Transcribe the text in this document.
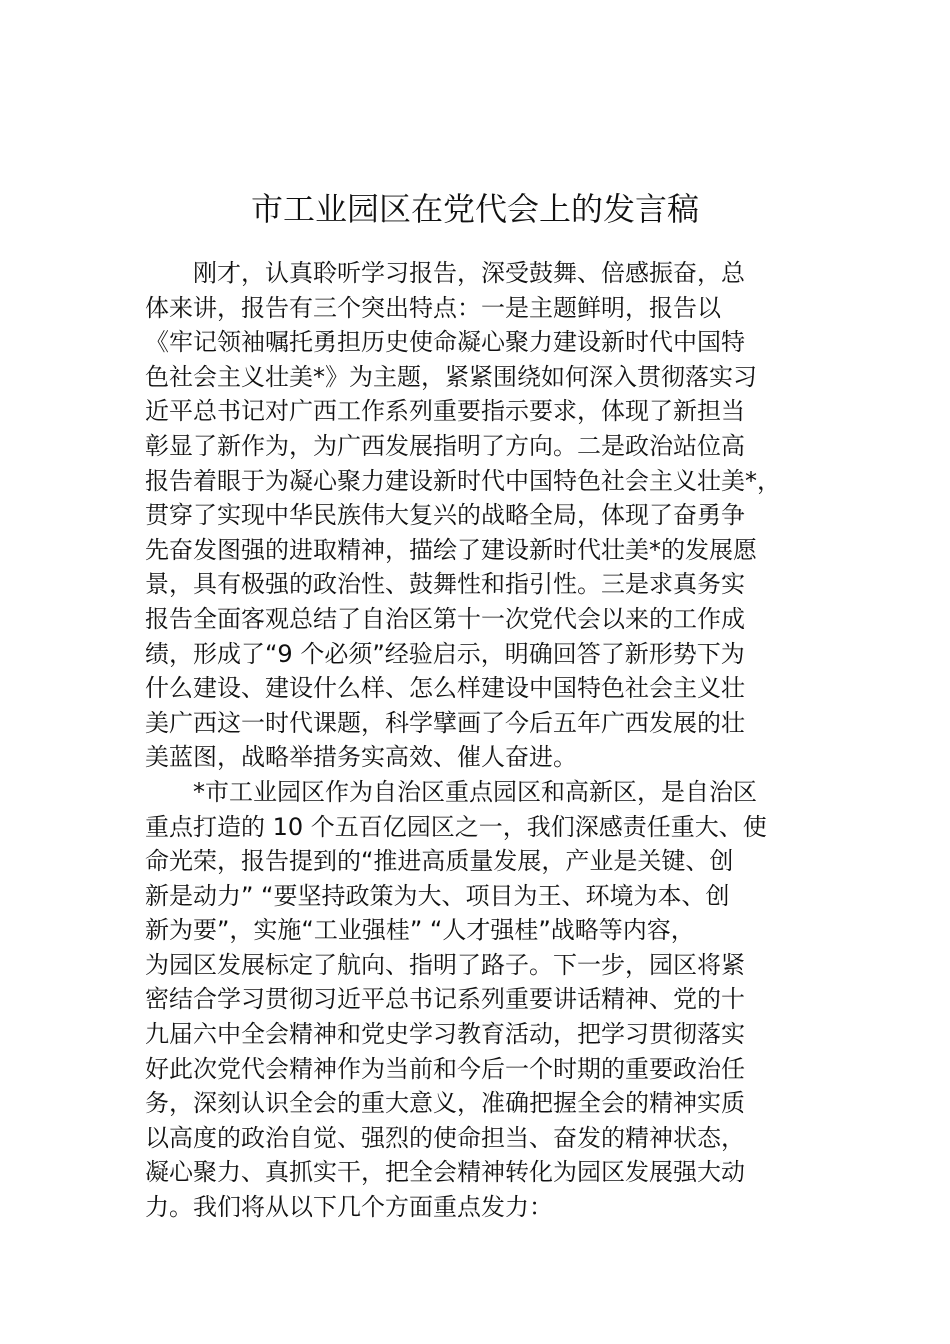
市工业园区在党代会上的发言稿
刚才，认真聆听学习报告，深受鼓舞、倍感振奋，总
体来讲，报告有三个突出特点：一是主题鲜明，报告以
《牢记领袖嘱托勇担历史使命凝心聚力建设新时代中国特
色社会主义壮美*》为主题，紧紧围绕如何深入贯彻落实习
近平总书记对广西工作系列重要指示要求，体现了新担当
彰显了新作为，为广西发展指明了方向。二是政治站位高
报告着眼于为凝心聚力建设新时代中国特色社会主义壮美*，
贯穿了实现中华民族伟大复兴的战略全局，体现了奋勇争
先奋发图强的进取精神，描绘了建设新时代壮美*的发展愿
景，具有极强的政治性、鼓舞性和指引性。三是求真务实
报告全面客观总结了自治区第十一次党代会以来的工作成
绩，形成了“9 个必须”经验启示，明确回答了新形势下为
什么建设、建设什么样、怎么样建设中国特色社会主义壮
美广西这一时代课题，科学擘画了今后五年广西发展的壮
美蓝图，战略举措务实高效、催人奋进。
*市工业园区作为自治区重点园区和高新区，是自治区
重点打造的 10 个五百亿园区之一，我们深感责任重大、使
命光荣，报告提到的“推进高质量发展，产业是关键、创
新是动力” “要坚持政策为大、项目为王、环境为本、创
新为要”，实施“工业强桂” “人才强桂”战略等内容，
为园区发展标定了航向、指明了路子。下一步，园区将紧
密结合学习贯彻习近平总书记系列重要讲话精神、党的十
九届六中全会精神和党史学习教育活动，把学习贯彻落实
好此次党代会精神作为当前和今后一个时期的重要政治任
务，深刻认识全会的重大意义，准确把握全会的精神实质
以高度的政治自觉、强烈的使命担当、奋发的精神状态，
凝心聚力、真抓实干，把全会精神转化为园区发展强大动
力。我们将从以下几个方面重点发力：
